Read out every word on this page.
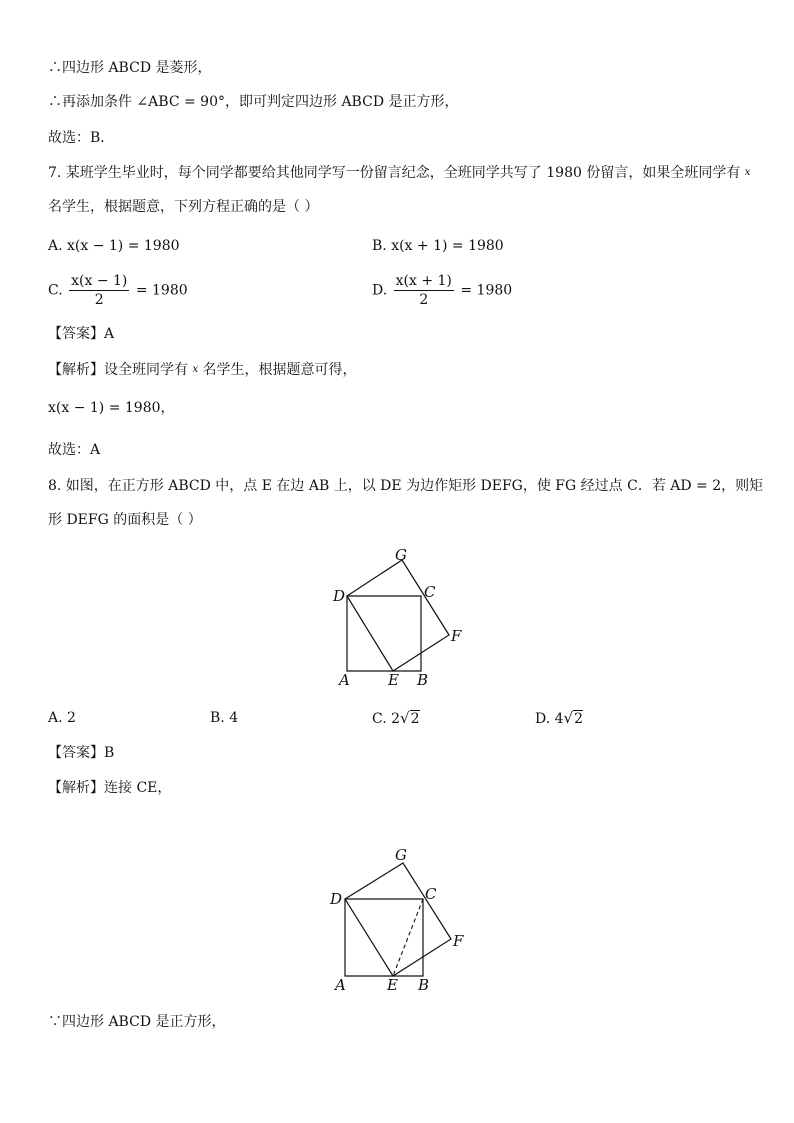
∴四边形 ABCD 是菱形，
∴再添加条件 ∠ABC = 90°，即可判定四边形 ABCD 是正方形，
故选：B．
7. 某班学生毕业时，每个同学都要给其他同学写一份留言纪念，全班同学共写了 1980 份留言，如果全班同学有 $^x$
名学生，根据题意，下列方程正确的是（ ）
A. x(x − 1) = 1980	B. x(x + 1) = 1980
C. $\frac{x(x - 1)}{2} = 1980$	D. $\frac{x(x + 1)}{2} = 1980$
【答案】A
【解析】设全班同学有 $^x$ 名学生，根据题意可得，
x(x − 1) = 1980，
故选：A
8. 如图，在正方形 ABCD 中，点 E 在边 AB 上，以 DE 为边作矩形 DEFG，使 FG 经过点 C．若 AD = 2，则矩
形 DEFG 的面积是（ ）
D
G
C
F
A	E B
A. 2	B. 4	C. 2√2	D. 4√2
【答案】B
【解析】连接 CE，
D
G
C
F
A	E B
∵四边形 ABCD 是正方形，
